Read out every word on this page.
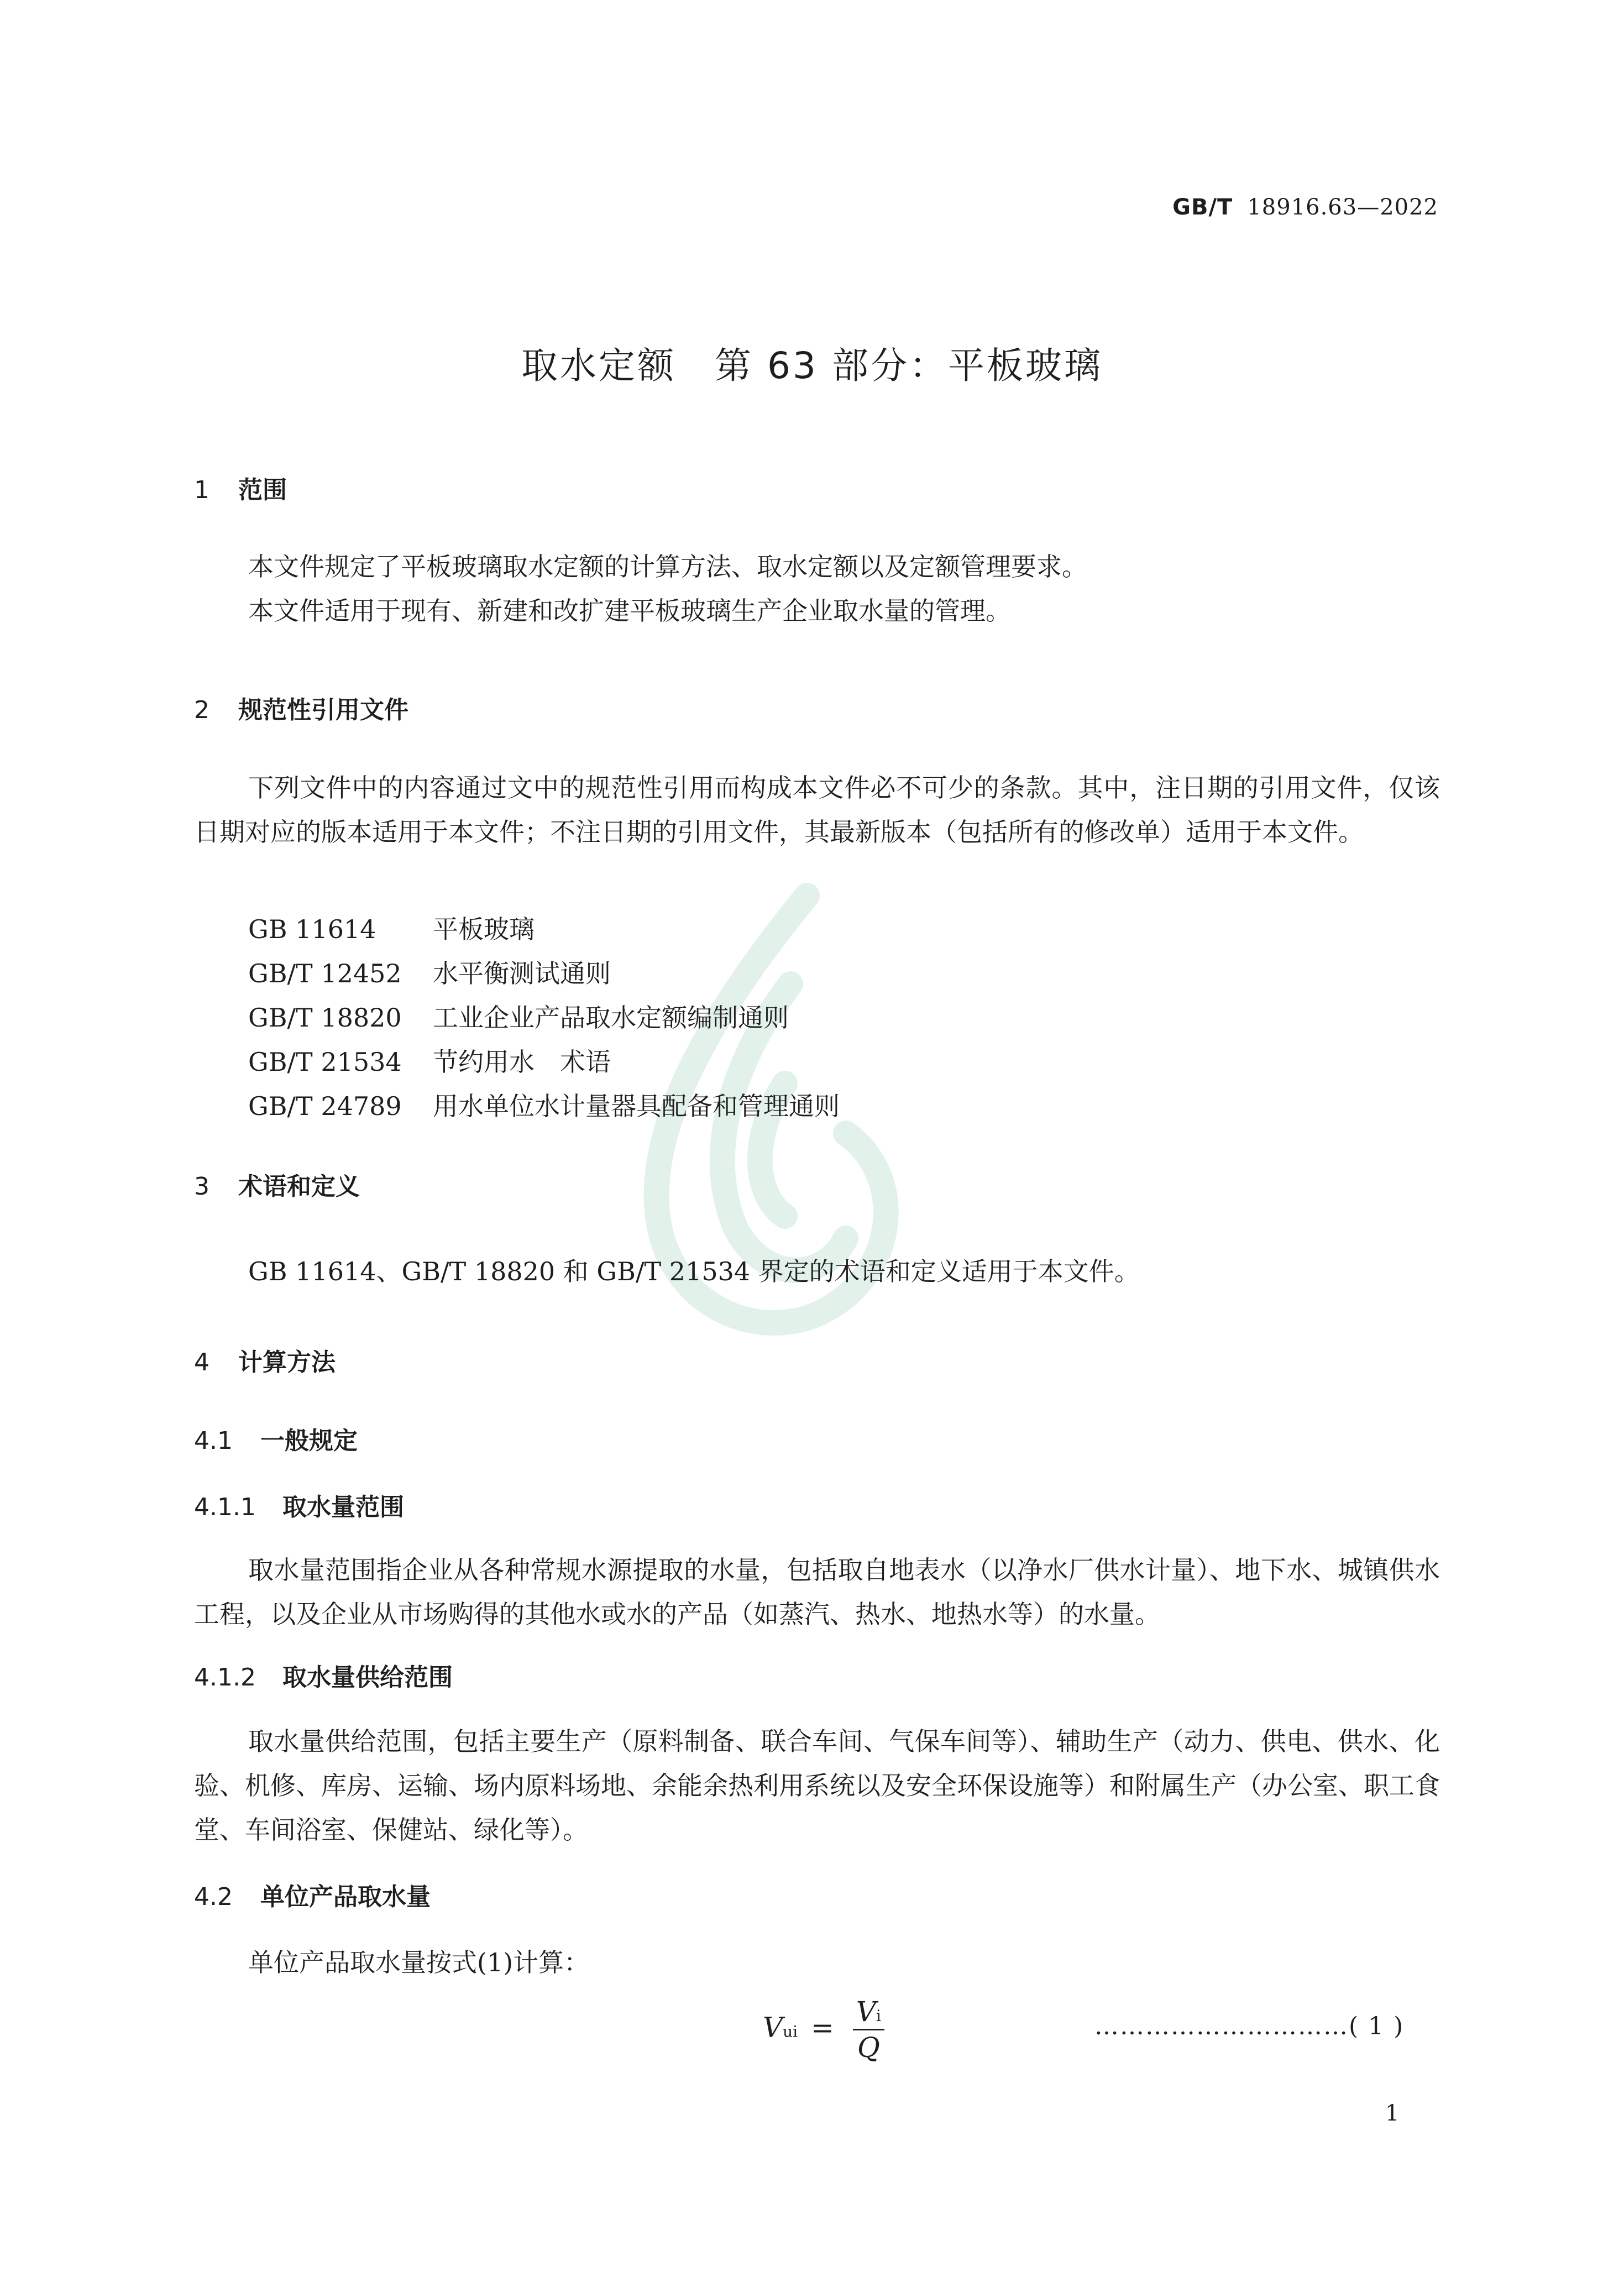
GB/T 18916.63—2022
取水定额　第 63 部分：平板玻璃
1 范围
本文件规定了平板玻璃取水定额的计算方法、取水定额以及定额管理要求。
本文件适用于现有、新建和改扩建平板玻璃生产企业取水量的管理。
2 规范性引用文件
下列文件中的内容通过文中的规范性引用而构成本文件必不可少的条款。其中，注日期的引用文件，仅该日期对应的版本适用于本文件；不注日期的引用文件，其最新版本（包括所有的修改单）适用于本文件。
GB 11614 平板玻璃
GB/T 12452 水平衡测试通则
GB/T 18820 工业企业产品取水定额编制通则
GB/T 21534 节约用水　术语
GB/T 24789 用水单位水计量器具配备和管理通则
3 术语和定义
GB 11614、GB/T 18820 和 GB/T 21534 界定的术语和定义适用于本文件。
4 计算方法
4.1 一般规定
4.1.1 取水量范围
取水量范围指企业从各种常规水源提取的水量，包括取自地表水（以净水厂供水计量）、地下水、城镇供水工程，以及企业从市场购得的其他水或水的产品（如蒸汽、热水、地热水等）的水量。
4.1.2 取水量供给范围
取水量供给范围，包括主要生产（原料制备、联合车间、气保车间等）、辅助生产（动力、供电、供水、化验、机修、库房、运输、场内原料场地、余能余热利用系统以及安全环保设施等）和附属生产（办公室、职工食堂、车间浴室、保健站、绿化等）。
4.2 单位产品取水量
单位产品取水量按式(1)计算：
Vui = $\frac{Vi}{Q}$	…………………………( 1 )
1
